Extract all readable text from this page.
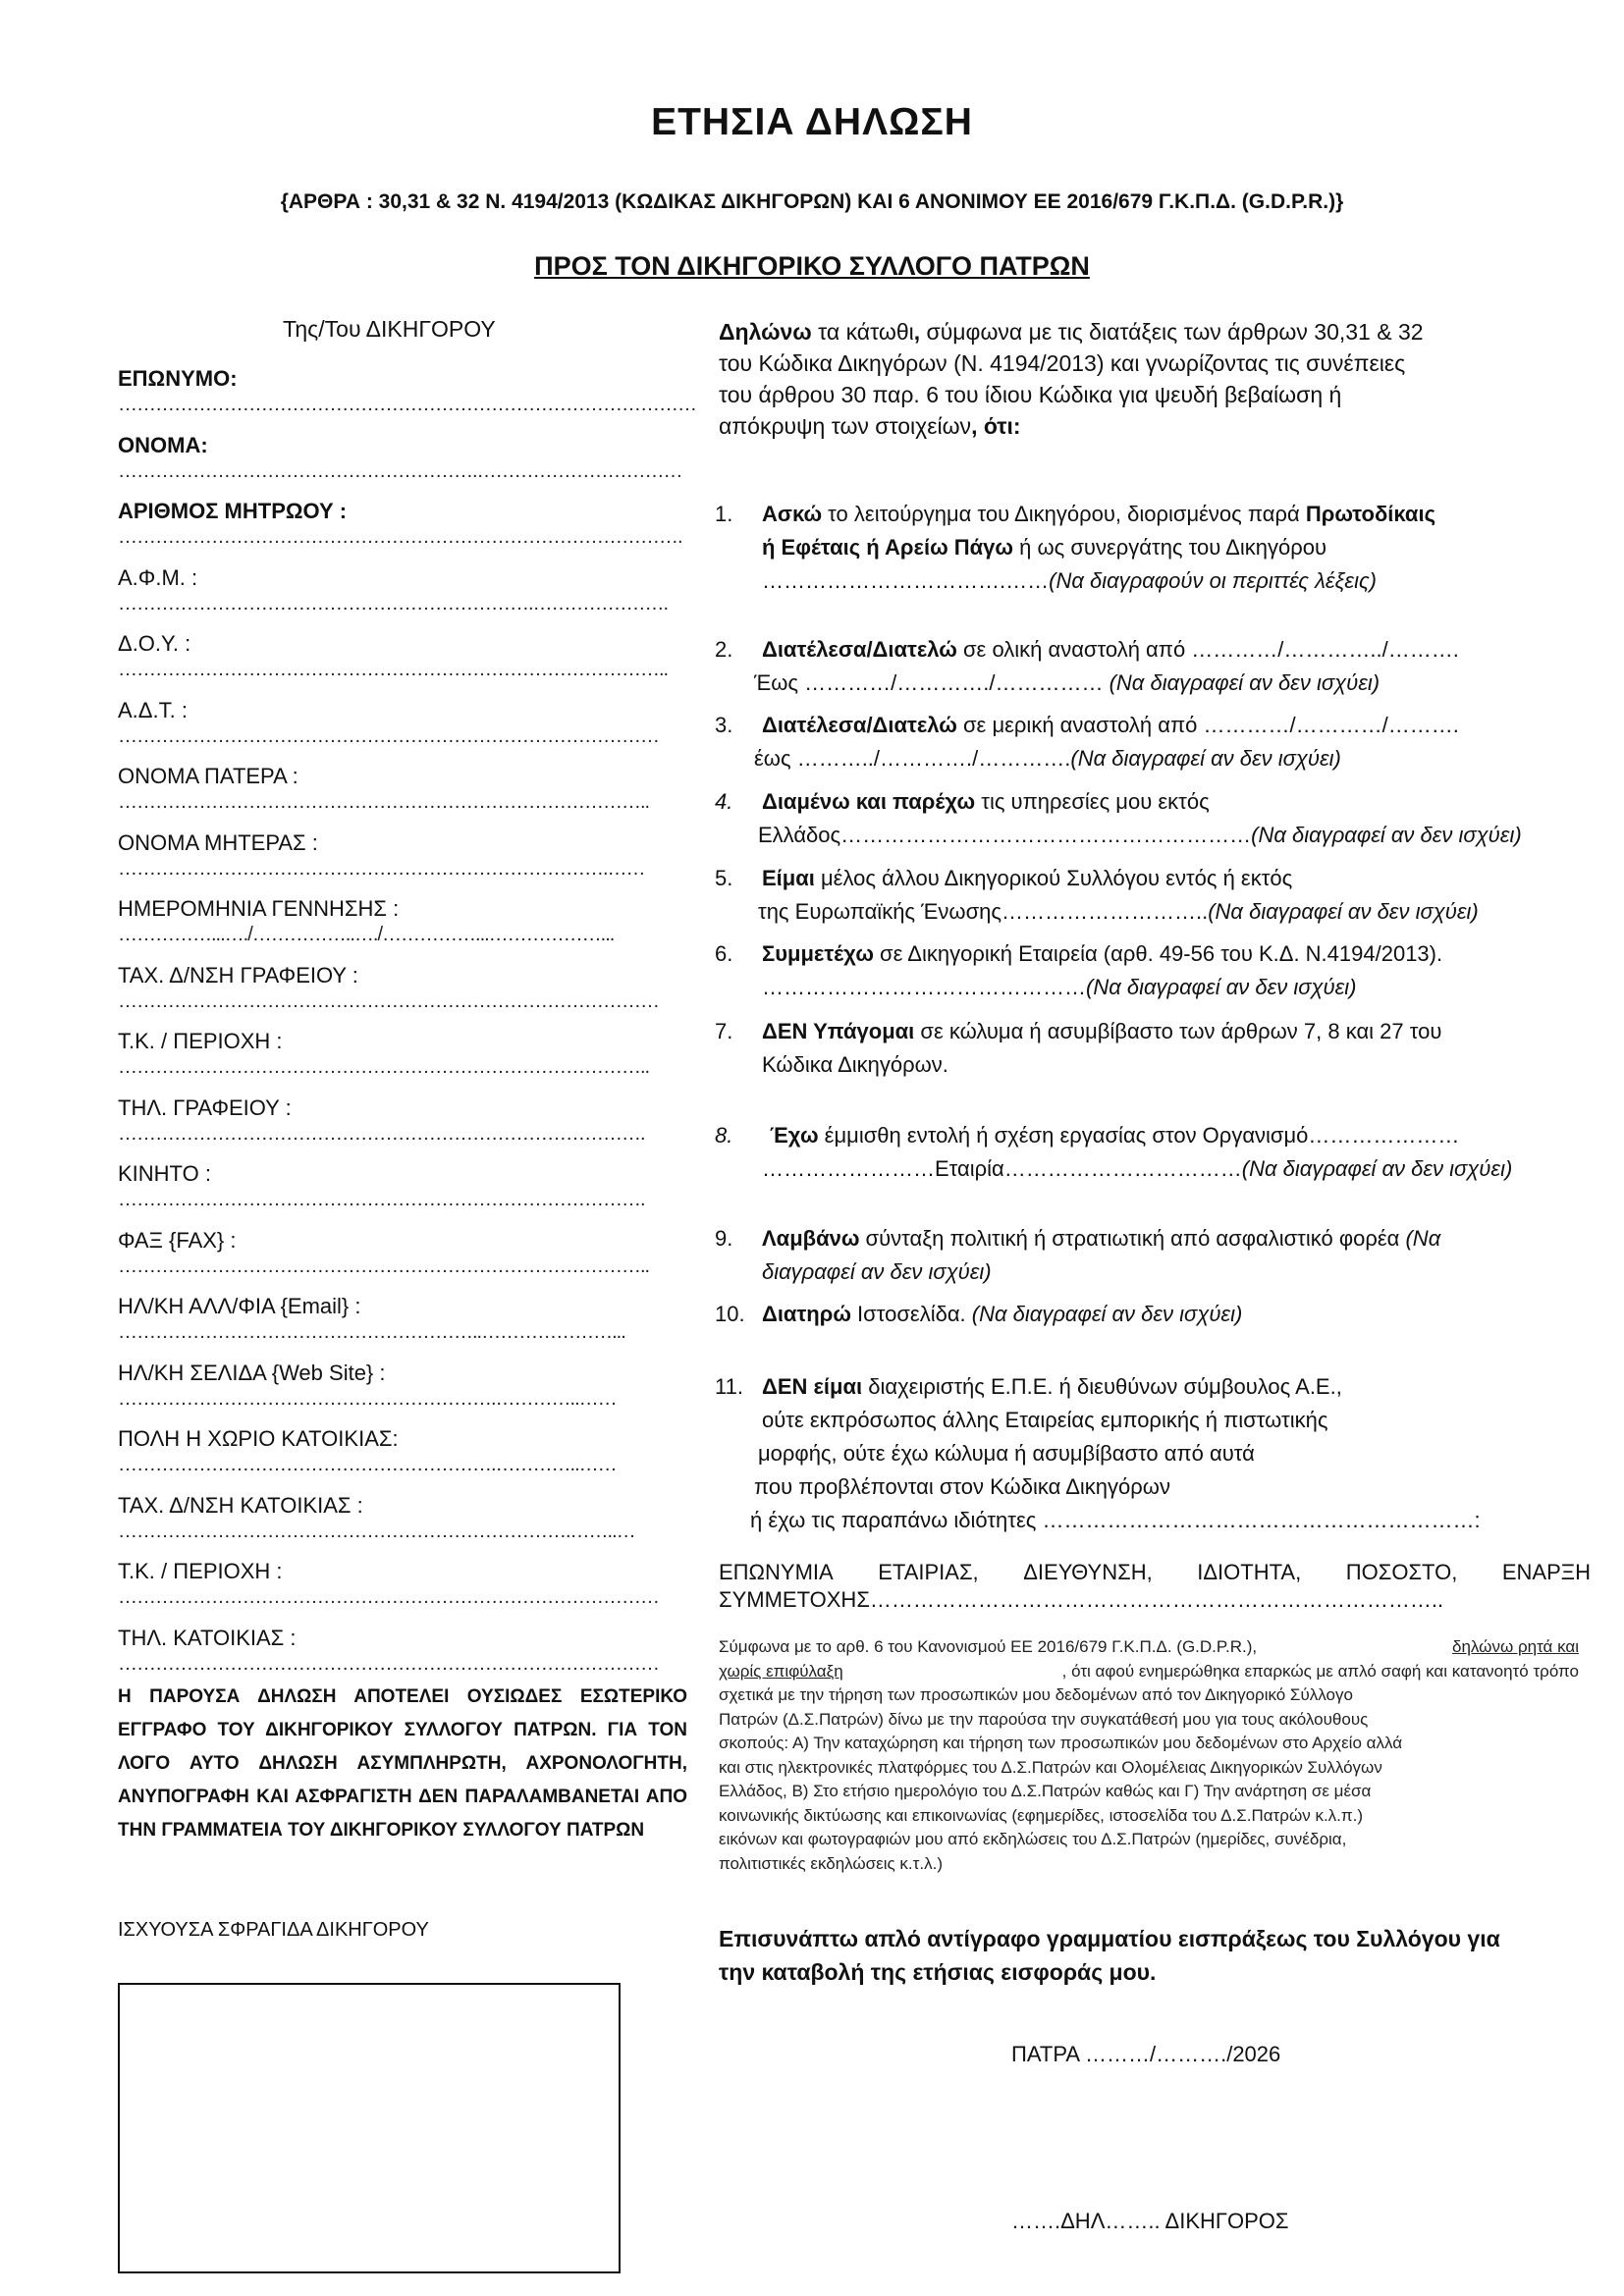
ΕΤΗΣΙΑ ΔΗΛΩΣΗ
{ΑΡΘΡΑ : 30,31 & 32 Ν. 4194/2013 (ΚΩΔΙΚΑΣ ΔΙΚΗΓΟΡΩΝ) ΚΑΙ 6 ΑΝΟΝΙΜΟΥ ΕΕ 2016/679 Γ.Κ.Π.Δ. (G.D.P.R.)}
ΠΡΟΣ ΤΟΝ ΔΙΚΗΓΟΡΙΚΟ ΣΥΛΛΟΓΟ ΠΑΤΡΩΝ
Της/Του ΔΙΚΗΓΟΡΟΥ
ΕΠΩΝΥΜΟ:
…………………………………………………………………………………
ΟΝΟΜΑ:
………………………………………………….……………………………
ΑΡΙΘΜΟΣ ΜΗΤΡΩΟΥ :
……………………………………………………………………………….
Α.Φ.Μ. :
………………………………………………………….………………….
Δ.Ο.Υ. :
……………………………………………………………………………..
Α.Δ.Τ. :
……………………………………………………………………………
ΟΝΟΜΑ ΠΑΤΕΡΑ :
…………………………………………………………………………..
ΟΝΟΜΑ ΜΗΤΕΡΑΣ :
…………………………………………………………………….……
ΗΜΕΡΟΜΗΝΙΑ ΓΕΝΝΗΣΗΣ :
……………...…./……………..…./……………...………………...
ΤΑΧ. Δ/ΝΣΗ ΓΡΑΦΕΙΟΥ :
……………………………………………………………………………
Τ.Κ. / ΠΕΡΙΟΧΗ :
…………………………………………………………………………..
ΤΗΛ. ΓΡΑΦΕΙΟΥ :
………………………………………………………………………….
ΚΙΝΗΤΟ :
………………………………………………………………………….
ΦΑΞ {FAX} :
…………………………………………………………………………..
ΗΛ/ΚΗ ΑΛΛ/ΦΙΑ {Email} :
…………………………………………………..…………………...
ΗΛ/ΚΗ ΣΕΛΙΔΑ {Web Site} :
…………………………………………………….…………..……
ΠΟΛΗ Η ΧΩΡΙΟ ΚΑΤΟΙΚΙΑΣ:
…………………………………………………….…………..……
ΤΑΧ. Δ/ΝΣΗ ΚΑΤΟΙΚΙΑΣ :
……………………………………………………………….……..…
Τ.Κ. / ΠΕΡΙΟΧΗ :
……………………………………………………………………………
ΤΗΛ. ΚΑΤΟΙΚΙΑΣ :
……………………………………………………………………………
Η ΠΑΡΟΥΣΑ ΔΗΛΩΣΗ ΑΠΟΤΕΛΕΙ ΟΥΣΙΩΔΕΣ ΕΣΩΤΕΡΙΚΟ ΕΓΓΡΑΦΟ ΤΟΥ ΔΙΚΗΓΟΡΙΚΟΥ ΣΥΛΛΟΓΟΥ ΠΑΤΡΩΝ. ΓΙΑ ΤΟΝ ΛΟΓΟ ΑΥΤΟ ΔΗΛΩΣΗ ΑΣΥΜΠΛΗΡΩΤΗ, ΑΧΡΟΝΟΛΟΓΗΤΗ, ΑΝΥΠΟΓΡΑΦΗ ΚΑΙ ΑΣΦΡΑΓΙΣΤΗ ΔΕΝ ΠΑΡΑΛΑΜΒΑΝΕΤΑΙ ΑΠΟ ΤΗΝ ΓΡΑΜΜΑΤΕΙΑ ΤΟΥ ΔΙΚΗΓΟΡΙΚΟΥ ΣΥΛΛΟΓΟΥ ΠΑΤΡΩΝ
ΙΣΧΥΟΥΣΑ ΣΦΡΑΓΙΔΑ ΔΙΚΗΓΟΡΟΥ
Δηλώνω τα κάτωθι, σύμφωνα με τις διατάξεις των άρθρων 30,31 & 32
του Κώδικα Δικηγόρων (Ν. 4194/2013) και γνωρίζοντας τις συνέπειες
του άρθρου 30 παρ. 6 του ίδιου Κώδικα για ψευδή βεβαίωση ή
απόκρυψη των στοιχείων, ότι:
1.	Ασκώ το λειτούργημα του Δικηγόρου, διορισμένος παρά Πρωτοδίκαις
ή Εφέταις ή Αρείω Πάγω ή ως συνεργάτης του Δικηγόρου
…………………………….……(Να διαγραφούν οι περιττές λέξεις)
2.	Διατέλεσα/Διατελώ σε ολική αναστολή από …………/…………../……….
Έως …………/…………./…………… (Να διαγραφεί αν δεν ισχύει)
3.	Διατέλεσα/Διατελώ σε μερική αναστολή από …………/…………/……….
έως ………../…………./………….(Να διαγραφεί αν δεν ισχύει)
4.	Διαμένω και παρέχω τις υπηρεσίες μου εκτός
Ελλάδος…………………………………………………(Να διαγραφεί αν δεν ισχύει)
5.	Είμαι μέλος άλλου Δικηγορικού Συλλόγου εντός ή εκτός
της Ευρωπαϊκής Ένωσης………………………..(Να διαγραφεί αν δεν ισχύει)
6.	Συμμετέχω σε Δικηγορική Εταιρεία (αρθ. 49-56 του Κ.Δ. Ν.4194/2013).
………………………………………(Να διαγραφεί αν δεν ισχύει)
7.	ΔΕΝ Υπάγομαι σε κώλυμα ή ασυμβίβαστο των άρθρων 7, 8 και 27 του
Κώδικα Δικηγόρων.
8.	Έχω έμμισθη εντολή ή σχέση εργασίας στον Οργανισμό…………………
……………………Εταιρία……………………………(Να διαγραφεί αν δεν ισχύει)
9.	Λαμβάνω σύνταξη πολιτική ή στρατιωτική από ασφαλιστικό φορέα (Να
διαγραφεί αν δεν ισχύει)
10. Διατηρώ Ιστοσελίδα. (Να διαγραφεί αν δεν ισχύει)
11. ΔΕΝ είμαι διαχειριστής Ε.Π.Ε. ή διευθύνων σύμβουλος Α.Ε.,
ούτε εκπρόσωπος άλλης Εταιρείας εμπορικής ή πιστωτικής
μορφής, ούτε έχω κώλυμα ή ασυμβίβαστο από αυτά
που προβλέπονται στον Κώδικα Δικηγόρων
ή έχω τις παραπάνω ιδιότητες ……………………………………………………:
ΕΠΩΝΥΜΙΑ ΕΤΑΙΡΙΑΣ, ΔΙΕΥΘΥΝΣΗ, ΙΔΙΟΤΗΤΑ, ΠΟΣΟΣΤΟ, ΕΝΑΡΞΗ
ΣΥΜΜΕΤΟΧΗΣ……………………………………………………………………..
Σύμφωνα με το αρθ. 6 του Κανονισμού ΕΕ 2016/679 Γ.Κ.Π.Δ. (G.D.P.R.),	δηλώνω ρητά και
χωρίς επιφύλαξη	, ότι αφού ενημερώθηκα επαρκώς με απλό σαφή και κατανοητό τρόπο
σχετικά με την τήρηση των προσωπικών μου δεδομένων από τον Δικηγορικό Σύλλογο
Πατρών (Δ.Σ.Πατρών) δίνω με την παρούσα την συγκατάθεσή μου για τους ακόλουθους
σκοπούς: Α) Την καταχώρηση και τήρηση των προσωπικών μου δεδομένων στο Αρχείο αλλά
και στις ηλεκτρονικές πλατφόρμες του Δ.Σ.Πατρών και Ολομέλειας Δικηγορικών Συλλόγων
Ελλάδος, Β) Στο ετήσιο ημερολόγιο του Δ.Σ.Πατρών καθώς και Γ) Την ανάρτηση σε μέσα
κοινωνικής δικτύωσης και επικοινωνίας (εφημερίδες, ιστοσελίδα του Δ.Σ.Πατρών κ.λ.π.)
εικόνων και φωτογραφιών μου από εκδηλώσεις του Δ.Σ.Πατρών (ημερίδες, συνέδρια,
πολιτιστικές εκδηλώσεις κ.τ.λ.)
Επισυνάπτω απλό αντίγραφο γραμματίου εισπράξεως του Συλλόγου για
την καταβολή της ετήσιας εισφοράς μου.
ΠΑΤΡΑ ………/………./2026
…….ΔΗΛ…….. ΔΙΚΗΓΟΡΟΣ
